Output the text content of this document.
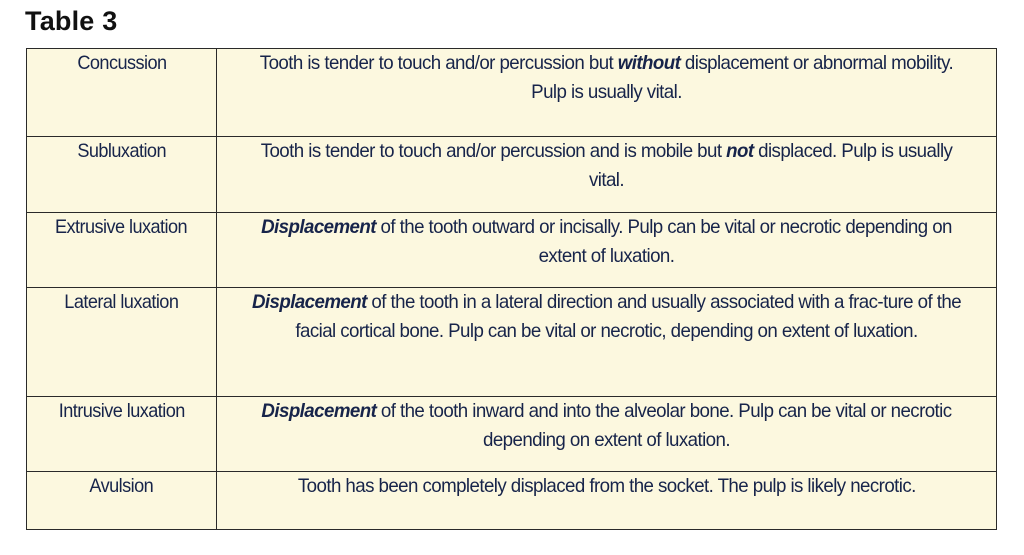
Table 3
Concussion	Tooth is tender to touch and/or percussion but without displacement or abnormal mobility. Pulp is usually vital.
Subluxation	Tooth is tender to touch and/or percussion and is mobile but not displaced. Pulp is usually vital.
Extrusive luxation	Displacement of the tooth outward or incisally. Pulp can be vital or necrotic depending on extent of luxation.
Lateral luxation	Displacement of the tooth in a lateral direction and usually associated with a frac-ture of the facial cortical bone. Pulp can be vital or necrotic, depending on extent of luxation.
Intrusive luxation	Displacement of the tooth inward and into the alveolar bone. Pulp can be vital or necrotic depending on extent of luxation.
Avulsion	Tooth has been completely displaced from the socket. The pulp is likely necrotic.
